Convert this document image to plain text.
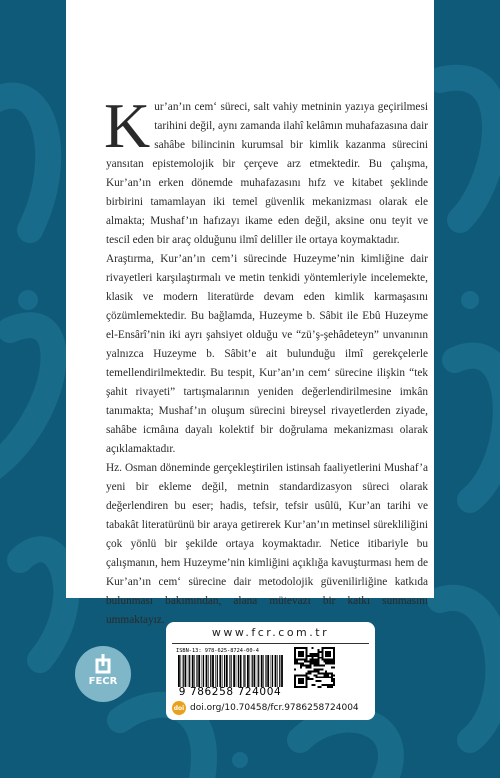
Kur’an’ın cem‘ süreci, salt vahiy metninin yazıya geçirilmesi tarihini değil, aynı zamanda ilahî kelâmın muhafazasına dair sahâbe bilincinin kurumsal bir kimlik kazanma sürecini yansıtan epistemolojik bir çerçeve arz etmektedir. Bu çalışma, Kur’an’ın erken dönemde muhafazasını hıfz ve kitabet şeklinde birbirini tamamlayan iki temel güvenlik mekanizması olarak ele almakta; Mushaf’ın hafızayı ikame eden değil, aksine onu teyit ve tescil eden bir araç olduğunu ilmî deliller ile ortaya koymaktadır.

Araştırma, Kur’an’ın cem’i sürecinde Huzeyme’nin kimliğine dair rivayetleri karşılaştırmalı ve metin tenkidi yöntemleriyle incelemekte, klasik ve modern literatürde devam eden kimlik karmaşasını çözümlemektedir. Bu bağlamda, Huzeyme b. Sâbit ile Ebû Huzeyme el-Ensârî’nin iki ayrı şahsiyet olduğu ve “zü’ş-şehâdeteyn” unvanının yalnızca Huzeyme b. Sâbit’e ait bulunduğu ilmî gerekçelerle temellendirilmektedir. Bu tespit, Kur’an’ın cem‘ sürecine ilişkin “tek şahit rivayeti” tartışmalarının yeniden değerlendirilmesine imkân tanımakta; Mushaf’ın oluşum sürecini bireysel rivayetlerden ziyade, sahâbe icmâına dayalı kolektif bir doğrulama mekanizması olarak açıklamaktadır.

Hz. Osman döneminde gerçekleştirilen istinsah faaliyetlerini Mushaf’a yeni bir ekleme değil, metnin standardizasyon süreci olarak değerlendiren bu eser; hadis, tefsir, tefsir usûlü, Kur’an tarihi ve tabakât literatürünü bir araya getirerek Kur’an’ın metinsel sürekliliğini çok yönlü bir şekilde ortaya koymaktadır. Netice itibariyle bu çalışmanın, hem Huzeyme’nin kimliğini açıklığa kavuşturması hem de Kur’an’ın cem‘ sürecine dair metodolojik güvenilirliğine katkıda bulunması bakımından, alana mütevazı bir katkı sunmasını ummaktayız.

FECR
www.fcr.com.tr
ISBN-13: 978-625-8724-00-4
9 786258 724004
doi doi.org/10.70458/fcr.9786258724004
